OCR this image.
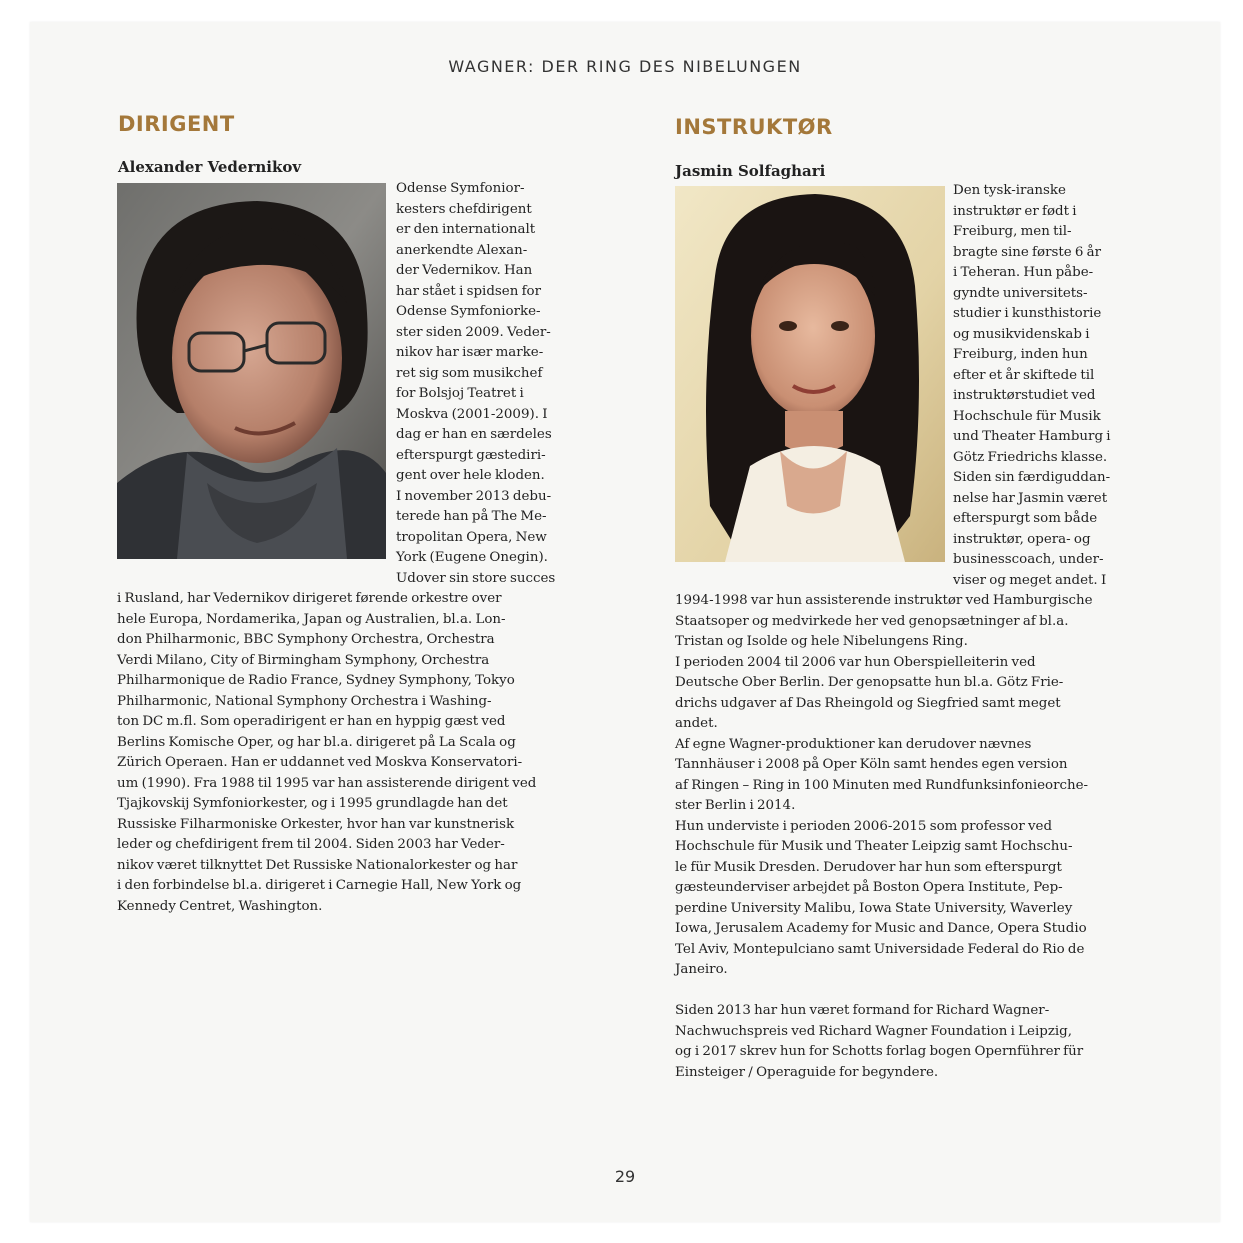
WAGNER: DER RING DES NIBELUNGEN
DIRIGENT
Alexander Vedernikov
Odense Symfonior-
kesters chefdirigent
er den internationalt
anerkendte Alexan-
der Vedernikov. Han
har stået i spidsen for
Odense Symfoniorke-
ster siden 2009. Veder-
nikov har især marke-
ret sig som musikchef
for Bolsjoj Teatret i
Moskva (2001-2009). I
dag er han en særdeles
efterspurgt gæstediri-
gent over hele kloden.
I november 2013 debu-
terede han på The Me-
tropolitan Opera, New
York (Eugene Onegin).
Udover sin store succes
i Rusland, har Vedernikov dirigeret førende orkestre over
hele Europa, Nordamerika, Japan og Australien, bl.a. Lon-
don Philharmonic, BBC Symphony Orchestra, Orchestra
Verdi Milano, City of Birmingham Symphony, Orchestra
Philharmonique de Radio France, Sydney Symphony, Tokyo
Philharmonic, National Symphony Orchestra i Washing-
ton DC m.fl. Som operadirigent er han en hyppig gæst ved
Berlins Komische Oper, og har bl.a. dirigeret på La Scala og
Zürich Operaen. Han er uddannet ved Moskva Konservatori-
um (1990). Fra 1988 til 1995 var han assisterende dirigent ved
Tjajkovskij Symfoniorkester, og i 1995 grundlagde han det
Russiske Filharmoniske Orkester, hvor han var kunstnerisk
leder og chefdirigent frem til 2004. Siden 2003 har Veder-
nikov været tilknyttet Det Russiske Nationalorkester og har
i den forbindelse bl.a. dirigeret i Carnegie Hall, New York og
Kennedy Centret, Washington.
INSTRUKTØR
Jasmin Solfaghari
Den tysk-iranske
instruktør er født i
Freiburg, men til-
bragte sine første 6 år
i Teheran. Hun påbe-
gyndte universitets-
studier i kunsthistorie
og musikvidenskab i
Freiburg, inden hun
efter et år skiftede til
instruktørstudiet ved
Hochschule für Musik
und Theater Hamburg i
Götz Friedrichs klasse.
Siden sin færdiguddan-
nelse har Jasmin været
efterspurgt som både
instruktør, opera- og
businesscoach, under-
viser og meget andet. I
1994-1998 var hun assisterende instruktør ved Hamburgische
Staatsoper og medvirkede her ved genopsætninger af bl.a.
Tristan og Isolde og hele Nibelungens Ring.
I perioden 2004 til 2006 var hun Oberspielleiterin ved
Deutsche Ober Berlin. Der genopsatte hun bl.a. Götz Frie-
drichs udgaver af Das Rheingold og Siegfried samt meget
andet.
Af egne Wagner-produktioner kan derudover nævnes
Tannhäuser i 2008 på Oper Köln samt hendes egen version
af Ringen – Ring in 100 Minuten med Rundfunksinfonieorche-
ster Berlin i 2014.
Hun underviste i perioden 2006-2015 som professor ved
Hochschule für Musik und Theater Leipzig samt Hochschu-
le für Musik Dresden. Derudover har hun som efterspurgt
gæsteunderviser arbejdet på Boston Opera Institute, Pep-
perdine University Malibu, Iowa State University, Waverley
Iowa, Jerusalem Academy for Music and Dance, Opera Studio
Tel Aviv, Montepulciano samt Universidade Federal do Rio de
Janeiro.
Siden 2013 har hun været formand for Richard Wagner-
Nachwuchspreis ved Richard Wagner Foundation i Leipzig,
og i 2017 skrev hun for Schotts forlag bogen Opernführer für
Einsteiger / Operaguide for begyndere.
29
